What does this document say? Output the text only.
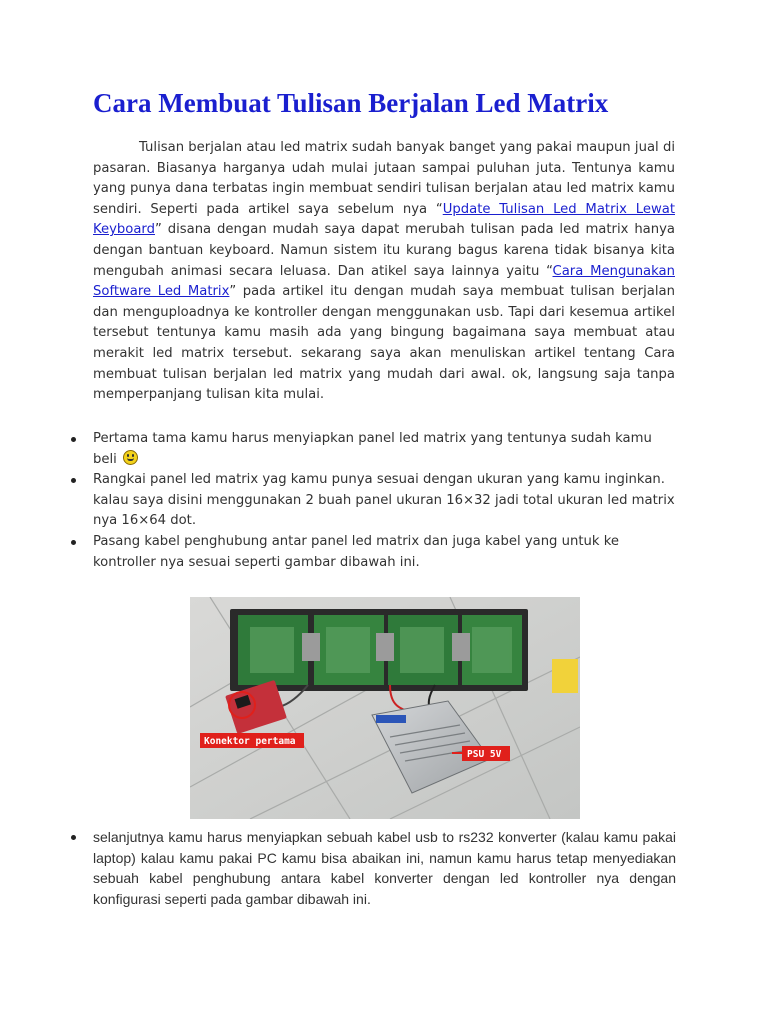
Cara Membuat Tulisan Berjalan Led Matrix

Tulisan berjalan atau led matrix sudah banyak banget yang pakai maupun jual di pasaran. Biasanya harganya udah mulai jutaan sampai puluhan juta. Tentunya kamu yang punya dana terbatas ingin membuat sendiri tulisan berjalan atau led matrix kamu sendiri. Seperti pada artikel saya sebelum nya “Update Tulisan Led Matrix Lewat Keyboard” disana dengan mudah saya dapat merubah tulisan pada led matrix hanya dengan bantuan keyboard. Namun sistem itu kurang bagus karena tidak bisanya kita mengubah animasi secara leluasa. Dan atikel saya lainnya yaitu “Cara Mengunakan Software Led Matrix” pada artikel itu dengan mudah saya membuat tulisan berjalan dan menguploadnya ke kontroller dengan menggunakan usb. Tapi dari kesemua artikel tersebut tentunya kamu masih ada yang bingung bagaimana saya membuat atau merakit led matrix tersebut. sekarang saya akan menuliskan artikel tentang Cara membuat tulisan berjalan led matrix yang mudah dari awal. ok, langsung saja tanpa memperpanjang tulisan kita mulai.

Pertama tama kamu harus menyiapkan panel led matrix yang tentunya sudah kamu beli
Rangkai panel led matrix yag kamu punya sesuai dengan ukuran yang kamu inginkan. kalau saya disini menggunakan 2 buah panel ukuran 16×32 jadi total ukuran led matrix nya 16×64 dot.
Pasang kabel penghubung antar panel led matrix dan juga kabel yang untuk ke kontroller nya sesuai seperti gambar dibawah ini.
Konektor pertama
PSU 5V
selanjutnya kamu harus menyiapkan sebuah kabel usb to rs232 konverter (kalau kamu pakai laptop) kalau kamu pakai PC kamu bisa abaikan ini, namun kamu harus tetap menyediakan sebuah kabel penghubung antara kabel konverter dengan led kontroller nya dengan konfigurasi seperti pada gambar dibawah ini.
